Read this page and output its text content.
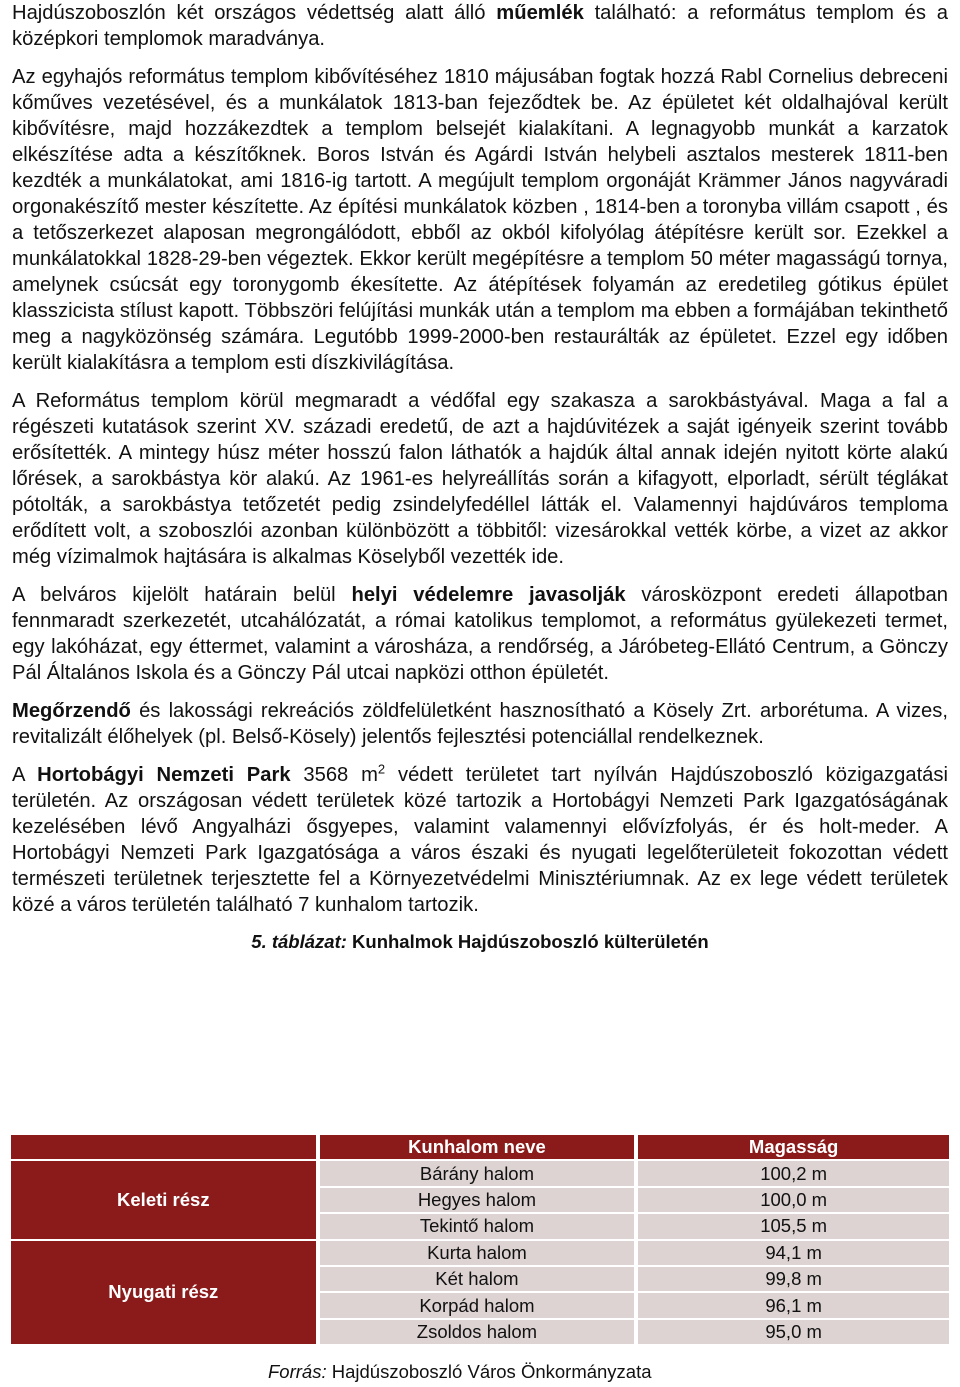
Hajdúszoboszlón két országos védettség alatt álló műemlék található: a református templom és a középkori templomok maradványa.

Az egyhajós református templom kibővítéséhez 1810 májusában fogtak hozzá Rabl Cornelius debreceni kőműves vezetésével, és a munkálatok 1813-ban fejeződtek be. Az épületet két oldalhajóval került kibővítésre, majd hozzákezdtek a templom belsejét kialakítani. A legnagyobb munkát a karzatok elkészítése adta a készítőknek. Boros István és Agárdi István helybeli asztalos mesterek 1811-ben kezdték a munkálatokat, ami 1816-ig tartott. A megújult templom orgonáját Krämmer János nagyváradi orgonakészítő mester készítette. Az építési munkálatok közben , 1814-ben a toronyba villám csapott , és a tetőszerkezet alaposan megrongálódott, ebből az okból kifolyólag átépítésre került sor. Ezekkel a munkálatokkal 1828-29-ben végeztek. Ekkor került megépítésre a templom 50 méter magasságú tornya, amelynek csúcsát egy toronygomb ékesítette. Az átépítések folyamán az eredetileg gótikus épület klasszicista stílust kapott. Többszöri felújítási munkák után a templom ma ebben a formájában tekinthető meg a nagyközönség számára. Legutóbb 1999-2000-ben restaurálták az épületet. Ezzel egy időben került kialakításra a templom esti díszkivilágítása.

A Református templom körül megmaradt a védőfal egy szakasza a sarokbástyával. Maga a fal a régészeti kutatások szerint XV. századi eredetű, de azt a hajdúvitézek a saját igényeik szerint tovább erősítették. A mintegy húsz méter hosszú falon láthatók a hajdúk által annak idején nyitott körte alakú lőrések, a sarokbástya kör alakú. Az 1961-es helyreállítás során a kifagyott, elporladt, sérült téglákat pótolták, a sarokbástya tetőzetét pedig zsindelyfedéllel látták el. Valamennyi hajdúváros temploma erődített volt, a szoboszlói azonban különbözött a többitől: vizesárokkal vették körbe, a vizet az akkor még vízimalmok hajtására is alkalmas Köselyből vezették ide.

A belváros kijelölt határain belül helyi védelemre javasolják városközpont eredeti állapotban fennmaradt szerkezetét, utcahálózatát, a római katolikus templomot, a református gyülekezeti termet, egy lakóházat, egy éttermet, valamint a városháza, a rendőrség, a Járóbeteg-Ellátó Centrum, a Gönczy Pál Általános Iskola és a Gönczy Pál utcai napközi otthon épületét.

Megőrzendő és lakossági rekreációs zöldfelületként hasznosítható a Kösely Zrt. arborétuma. A vizes, revitalizált élőhelyek (pl. Belső-Kösely) jelentős fejlesztési potenciállal rendelkeznek.

A Hortobágyi Nemzeti Park 3568 $m^2$ védett területet tart nyílván Hajdúszoboszló közigazgatási területén. Az országosan védett területek közé tartozik a Hortobágyi Nemzeti Park Igazgatóságának kezelésében lévő Angyalházi ősgyepes, valamint valamennyi elővízfolyás, ér és holt-meder. A Hortobágyi Nemzeti Park Igazgatósága a város északi és nyugati legelőterületeit fokozottan védett természeti területnek terjesztette fel a Környezetvédelmi Minisztériumnak. Az ex lege védett területek közé a város területén található 7 kunhalom tartozik.

5. táblázat: Kunhalmok Hajdúszoboszló külterületén
	Kunhalom neve	Magasság
Keleti rész	Bárány halom	100,2 m
	Hegyes halom	100,0 m
	Tekintő halom	105,5 m
Nyugati rész	Kurta halom	94,1 m
	Két halom	99,8 m
	Korpád halom	96,1 m
	Zsoldos halom	95,0 m
Forrás: Hajdúszoboszló Város Önkormányzata
